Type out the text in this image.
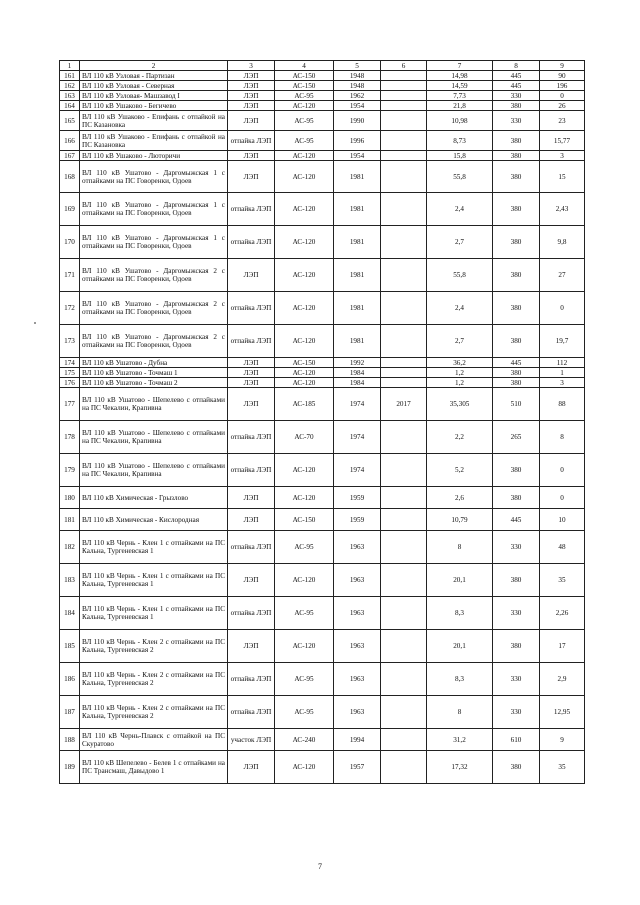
1	2	3	4	5	6	7	8	9
161	ВЛ 110 кВ Узловая - Партизан	ЛЭП	АС-150	1948		14,98	445	90
162	ВЛ 110 кВ Узловая - Северная	ЛЭП	АС-150	1948		14,59	445	196
163	ВЛ 110 кВ Узловая- Машзавод I	ЛЭП	АС-95	1962		7,73	330	0
164	ВЛ 110 кВ Ушаково - Бегичево	ЛЭП	АС-120	1954		21,8	380	26
165	ВЛ 110 кВ Ушаково - Епифань с отпайкой на ПС Казановка	ЛЭП	АС-95	1990		10,98	330	23
166	ВЛ 110 кВ Ушаково - Епифань с отпайкой на ПС Казановка	отпайка ЛЭП	АС-95	1996		8,73	380	15,77
167	ВЛ 110 кВ Ушаково - Лютоpичи	ЛЭП	АС-120	1954		15,8	380	3
168	ВЛ 110 кВ Ушатово - Даргомыжская 1 с отпайками на ПС Говоренки, Одоев	ЛЭП	АС-120	1981		55,8	380	15
169	ВЛ 110 кВ Ушатово - Даргомыжская 1 с отпайками на ПС Говоренки, Одоев	отпайка ЛЭП	АС-120	1981		2,4	380	2,43
170	ВЛ 110 кВ Ушатово - Даргомыжская 1 с отпайками на ПС Говоренки, Одоев	отпайка ЛЭП	АС-120	1981		2,7	380	9,8
171	ВЛ 110 кВ Ушатово - Даргомыжская 2 с отпайками на ПС Говоренки, Одоев	ЛЭП	АС-120	1981		55,8	380	27
172	ВЛ 110 кВ Ушатово - Даргомыжская 2 с отпайками на ПС Говоренки, Одоев	отпайка ЛЭП	АС-120	1981		2,4	380	0
173	ВЛ 110 кВ Ушатово - Даргомыжская 2 с отпайками на ПС Говоренки, Одоев	отпайка ЛЭП	АС-120	1981		2,7	380	19,7
174	ВЛ 110 кВ Ушатово - Дубна	ЛЭП	АС-150	1992		36,2	445	112
175	ВЛ 110 кВ Ушатово - Точмаш 1	ЛЭП	АС-120	1984		1,2	380	1
176	ВЛ 110 кВ Ушатово - Точмаш 2	ЛЭП	АС-120	1984		1,2	380	3
177	ВЛ 110 кВ Ушатово - Шепелево с отпайками на ПС Чекалин, Крапивна	ЛЭП	АС-185	1974	2017	35,305	510	88
178	ВЛ 110 кВ Ушатово - Шепелево с отпайками на ПС Чекалин, Крапивна	отпайка ЛЭП	АС-70	1974		2,2	265	8
179	ВЛ 110 кВ Ушатово - Шепелево с отпайками на ПС Чекалин, Крапивна	отпайка ЛЭП	АС-120	1974		5,2	380	0
180	ВЛ 110 кВ Химическая - Грызлово	ЛЭП	АС-120	1959		2,6	380	0
181	ВЛ 110 кВ Химическая - Кислородная	ЛЭП	АС-150	1959		10,79	445	10
182	ВЛ 110 кВ Чернь - Клен 1 с отпайками на ПС Кальна, Тургеневская 1	отпайка ЛЭП	АС-95	1963		8	330	48
183	ВЛ 110 кВ Чернь - Клен 1 с отпайками на ПС Кальна, Тургеневская 1	ЛЭП	АС-120	1963		20,1	380	35
184	ВЛ 110 кВ Чернь - Клен 1 с отпайками на ПС Кальна, Тургеневская 1	отпайка ЛЭП	АС-95	1963		8,3	330	2,26
185	ВЛ 110 кВ Чернь - Клен 2 с отпайками на ПС Кальна, Тургеневская 2	ЛЭП	АС-120	1963		20,1	380	17
186	ВЛ 110 кВ Чернь - Клен 2 с отпайками на ПС Кальна, Тургеневская 2	отпайка ЛЭП	АС-95	1963		8,3	330	2,9
187	ВЛ 110 кВ Чернь - Клен 2 с отпайками на ПС Кальна, Тургеневская 2	отпайка ЛЭП	АС-95	1963		8	330	12,95
188	ВЛ 110 кВ Чернь-Плавск с отпайкой на ПС Скуратово	участок ЛЭП	АС-240	1994		31,2	610	9
189	ВЛ 110 кВ Шепелево - Белев 1 с отпайками на ПС Трансмаш, Давыдово 1	ЛЭП	АС-120	1957		17,32	380	35
7
